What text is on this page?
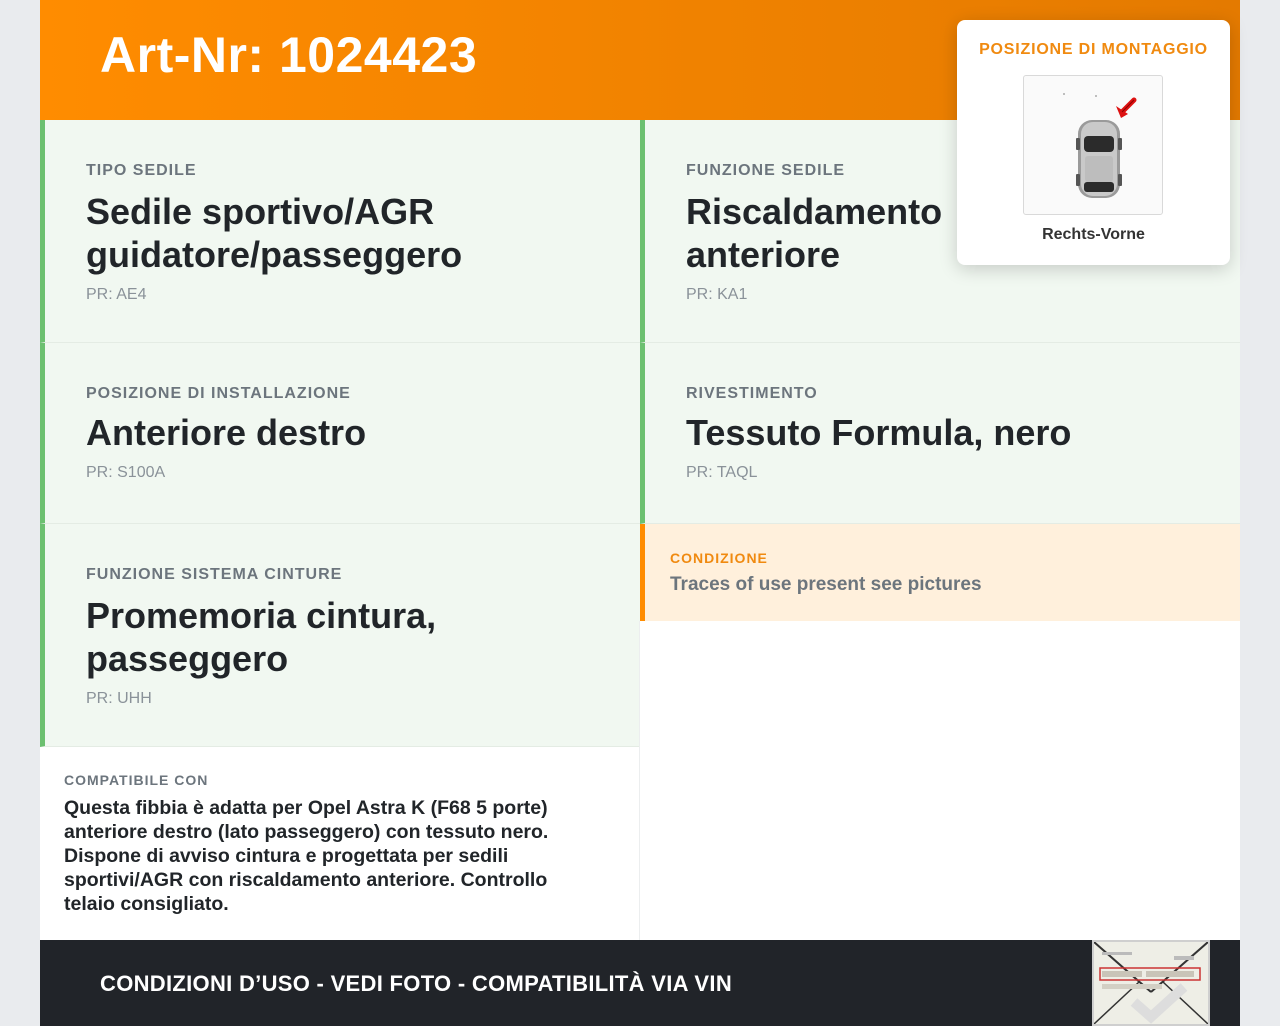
Art-Nr: 1024423
TIPO SEDILE
Sedile sportivo/AGR guidatore/passeggero
PR: AE4
FUNZIONE SEDILE
Riscaldamento anteriore
PR: KA1
POSIZIONE DI INSTALLAZIONE
Anteriore destro
PR: S100A
RIVESTIMENTO
Tessuto Formula, nero
PR: TAQL
FUNZIONE SISTEMA CINTURE
Promemoria cintura, passeggero
PR: UHH
CONDIZIONE
Traces of use present see pictures
COMPATIBILE CON
Questa fibbia è adatta per Opel Astra K (F68 5 porte) anteriore destro (lato passeggero) con tessuto nero. Dispone di avviso cintura e progettata per sedili sportivi/AGR con riscaldamento anteriore. Controllo telaio consigliato.
CONDIZIONI D’USO - VEDI FOTO - COMPATIBILITÀ VIA VIN
POSIZIONE DI MONTAGGIO
Rechts-Vorne
